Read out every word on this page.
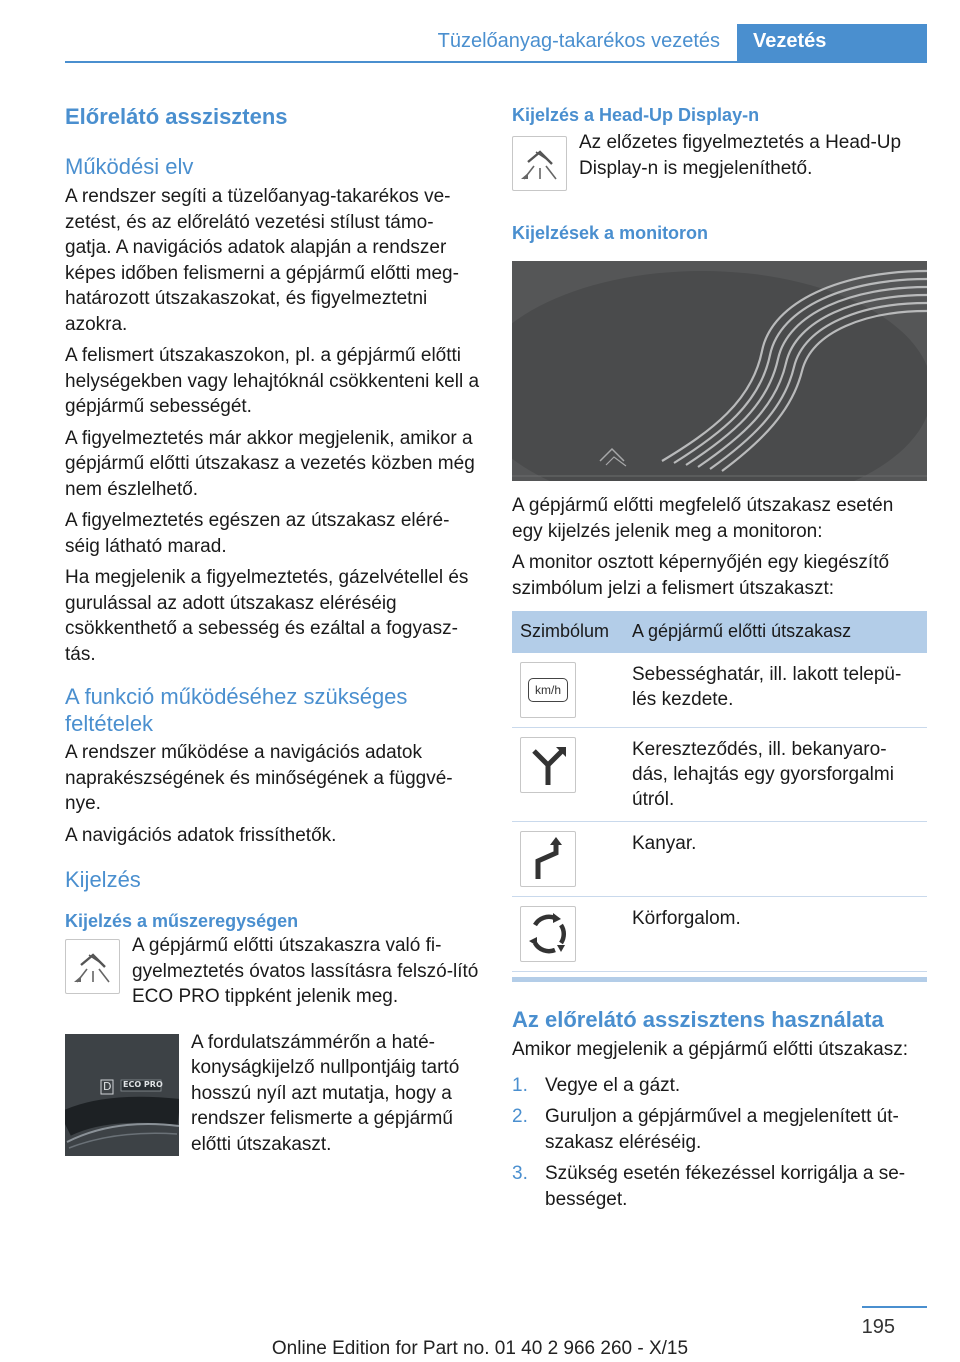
Tüzelőanyag-takarékos vezetés	Vezetés
Előrelátó asszisztens
Működési elv

A rendszer segíti a tüzelőanyag-takarékos ve-zetést, és az előrelátó vezetési stílust támo-gatja. A navigációs adatok alapján a rendszer képes időben felismerni a gépjármű előtti meg-határozott útszakaszokat, és figyelmeztetni azokra.

A felismert útszakaszokon, pl. a gépjármű előtti helységekben vagy lehajtóknál csökkenteni kell a gépjármű sebességét.

A figyelmeztetés már akkor megjelenik, amikor a gépjármű előtti útszakasz a vezetés közben még nem észlelhető.

A figyelmeztetés egészen az útszakasz eléré-séig látható marad.

Ha megjelenik a figyelmeztetés, gázelvétellel és gurulással az adott útszakasz eléréséig csökkenthető a sebesség és ezáltal a fogyasz-tás.

A funkció működéséhez szükséges feltételek

A rendszer működése a navigációs adatok naprakészségének és minőségének a függvé-nye.

A navigációs adatok frissíthetők.

Kijelzés
Kijelzés a műszeregységen

A gépjármű előtti útszakaszra való fi-gyelmeztetés óvatos lassításra felszó-lító ECO PRO tippként jelenik meg.

D ECO PRO

A fordulatszámmérőn a haté-konyságkijelző nullpontjáig tartó hosszú nyíl azt mutatja, hogy a rendszer felismerte a gépjármű előtti útszakaszt.

Kijelzés a Head-Up Display-n

Az előzetes figyelmeztetés a Head-Up Display-n is megjeleníthető.

Kijelzések a monitoron

A gépjármű előtti megfelelő útszakasz esetén egy kijelzés jelenik meg a monitoron:

A monitor osztott képernyőjén egy kiegészítő szimbólum jelzi a felismert útszakaszt:

Szimbólum	A gépjármű előtti útszakasz

km/h	Sebességhatár, ill. lakott telepü-lés kezdete.

	Kereszteződés, ill. bekanyaro-dás, lehajtás egy gyorsforgalmi útról.

	Kanyar.

	Körforgalom.
Az előrelátó asszisztens használata

Amikor megjelenik a gépjármű előtti útszakasz:

1. Vegye el a gázt.
2. Guruljon a gépjárművel a megjelenített út-szakasz eléréséig.
3. Szükség esetén fékezéssel korrigálja a se-bességet.
195
Online Edition for Part no. 01 40 2 966 260 - X/15
